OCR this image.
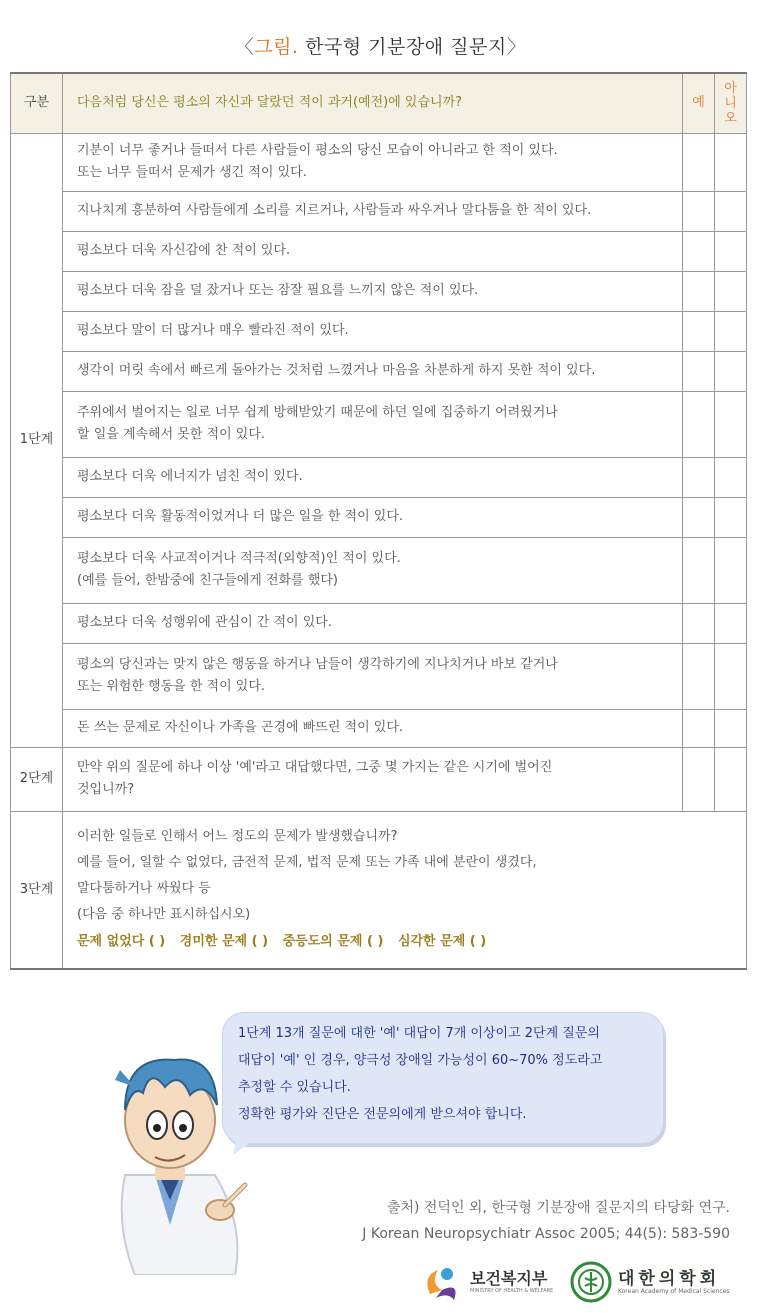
〈그림. 한국형 기분장애 질문지〉
구분	다음처럼 당신은 평소의 자신과 달랐던 적이 과거(예전)에 있습니까?	예	아니오

1단계	기분이 너무 좋거나 들떠서 다른 사람들이 평소의 당신 모습이 아니라고 한 적이 있다.
또는 너무 들떠서 문제가 생긴 적이 있다.		

	지나치게 흥분하여 사람들에게 소리를 지르거나, 사람들과 싸우거나 말다툼을 한 적이 있다.		

	평소보다 더욱 자신감에 찬 적이 있다.		

	평소보다 더욱 잠을 덜 잤거나 또는 잠잘 필요를 느끼지 않은 적이 있다.		

	평소보다 말이 더 많거나 매우 빨라진 적이 있다.		

	생각이 머릿 속에서 빠르게 돌아가는 것처럼 느꼈거나 마음을 차분하게 하지 못한 적이 있다.		

	주위에서 벌어지는 일로 너무 쉽게 방해받았기 때문에 하던 일에 집중하기 어려웠거나
할 일을 계속해서 못한 적이 있다.		

	평소보다 더욱 에너지가 넘친 적이 있다.		

	평소보다 더욱 활동적이었거나 더 많은 일을 한 적이 있다.		

	평소보다 더욱 사교적이거나 적극적(외향적)인 적이 있다.
(예를 들어, 한밤중에 친구들에게 전화를 했다)		

	평소보다 더욱 성행위에 관심이 간 적이 있다.		

	평소의 당신과는 맞지 않은 행동을 하거나 남들이 생각하기에 지나치거나 바보 같거나
또는 위험한 행동을 한 적이 있다.		

	돈 쓰는 문제로 자신이나 가족을 곤경에 빠뜨린 적이 있다.		

2단계	만약 위의 질문에 하나 이상 '예'라고 대답했다면, 그중 몇 가지는 같은 시기에 벌어진
것입니까?		

3단계	이러한 일들로 인해서 어느 정도의 문제가 발생했습니까?
예를 들어, 일할 수 없었다, 금전적 문제, 법적 문제 또는 가족 내에 분란이 생겼다,
말다툼하거나 싸웠다 등
(다음 중 하나만 표시하십시오)
문제 없었다 ( ) 경미한 문제 ( ) 중등도의 문제 ( ) 심각한 문제 ( )		
1단계 13개 질문에 대한 '예' 대답이 7개 이상이고 2단계 질문의
대답이 '예' 인 경우, 양극성 장애일 가능성이 60~70% 정도라고
추정할 수 있습니다.
정확한 평가와 진단은 전문의에게 받으셔야 합니다.
출처) 전덕인 외, 한국형 기분장애 질문지의 타당화 연구.
J Korean Neuropsychiatr Assoc 2005; 44(5): 583-590
보건복지부
MINISTRY OF HEALTH & WELFARE
대한의학회
Korean Academy of Medical Sciences
